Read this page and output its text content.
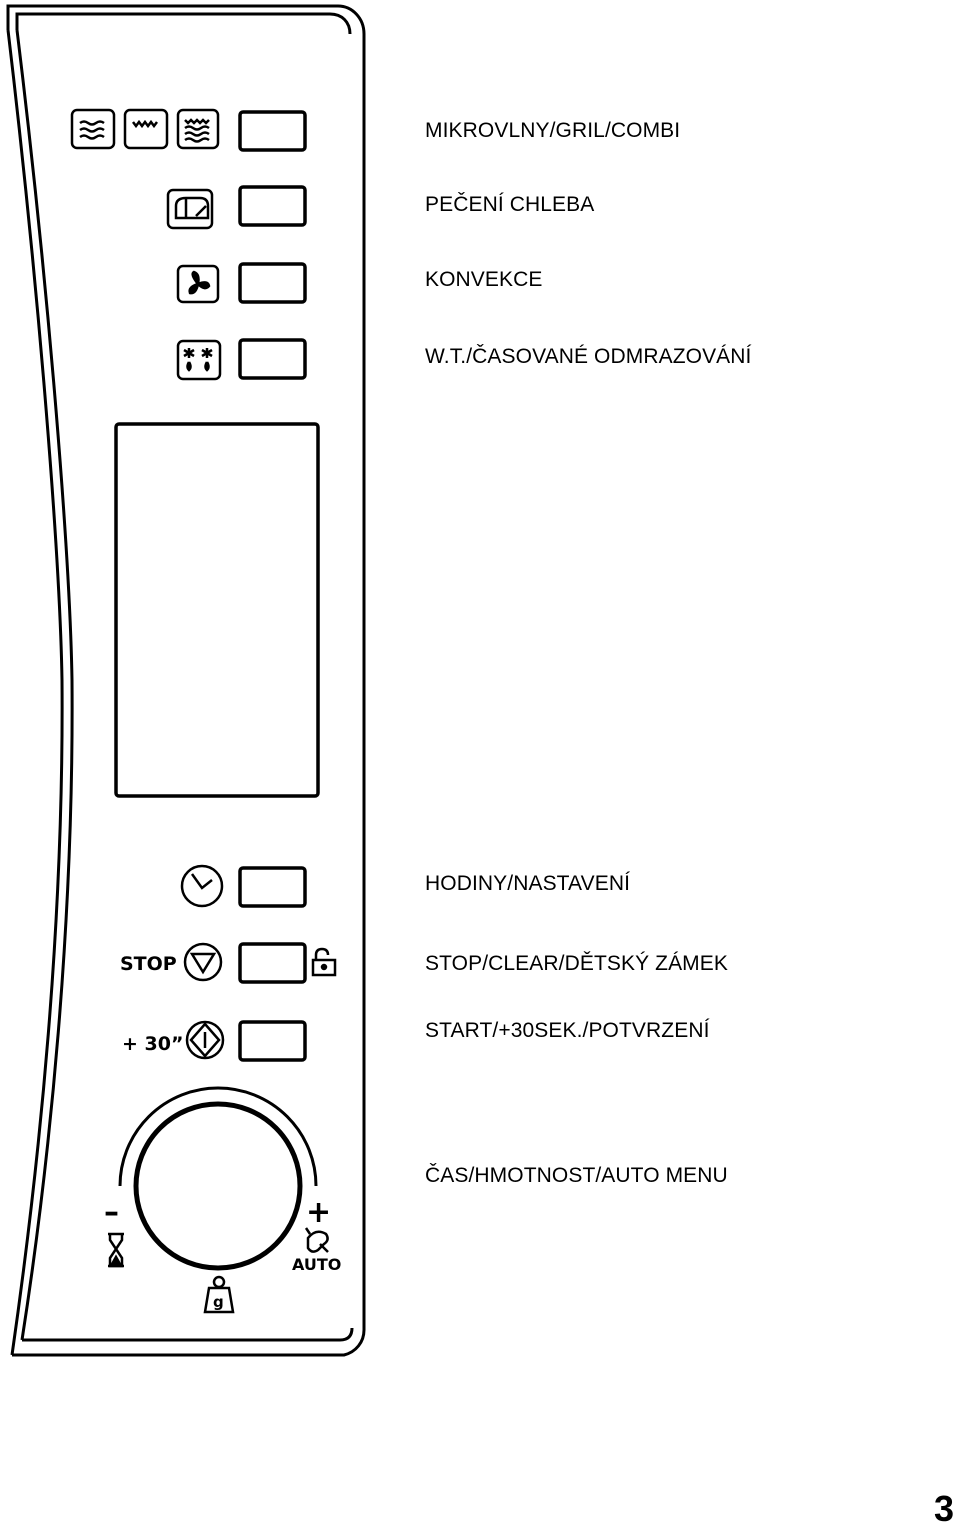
STOP
+ 30”
–	+
AUTO
g
MIKROVLNY/GRIL/COMBI
PEČENÍ CHLEBA
KONVEKCE
W.T./ČASOVANÉ ODMRAZOVÁNÍ
HODINY/NASTAVENÍ
STOP/CLEAR/DĚTSKÝ ZÁMEK
START/+30SEK./POTVRZENÍ
ČAS/HMOTNOST/AUTO MENU
3
